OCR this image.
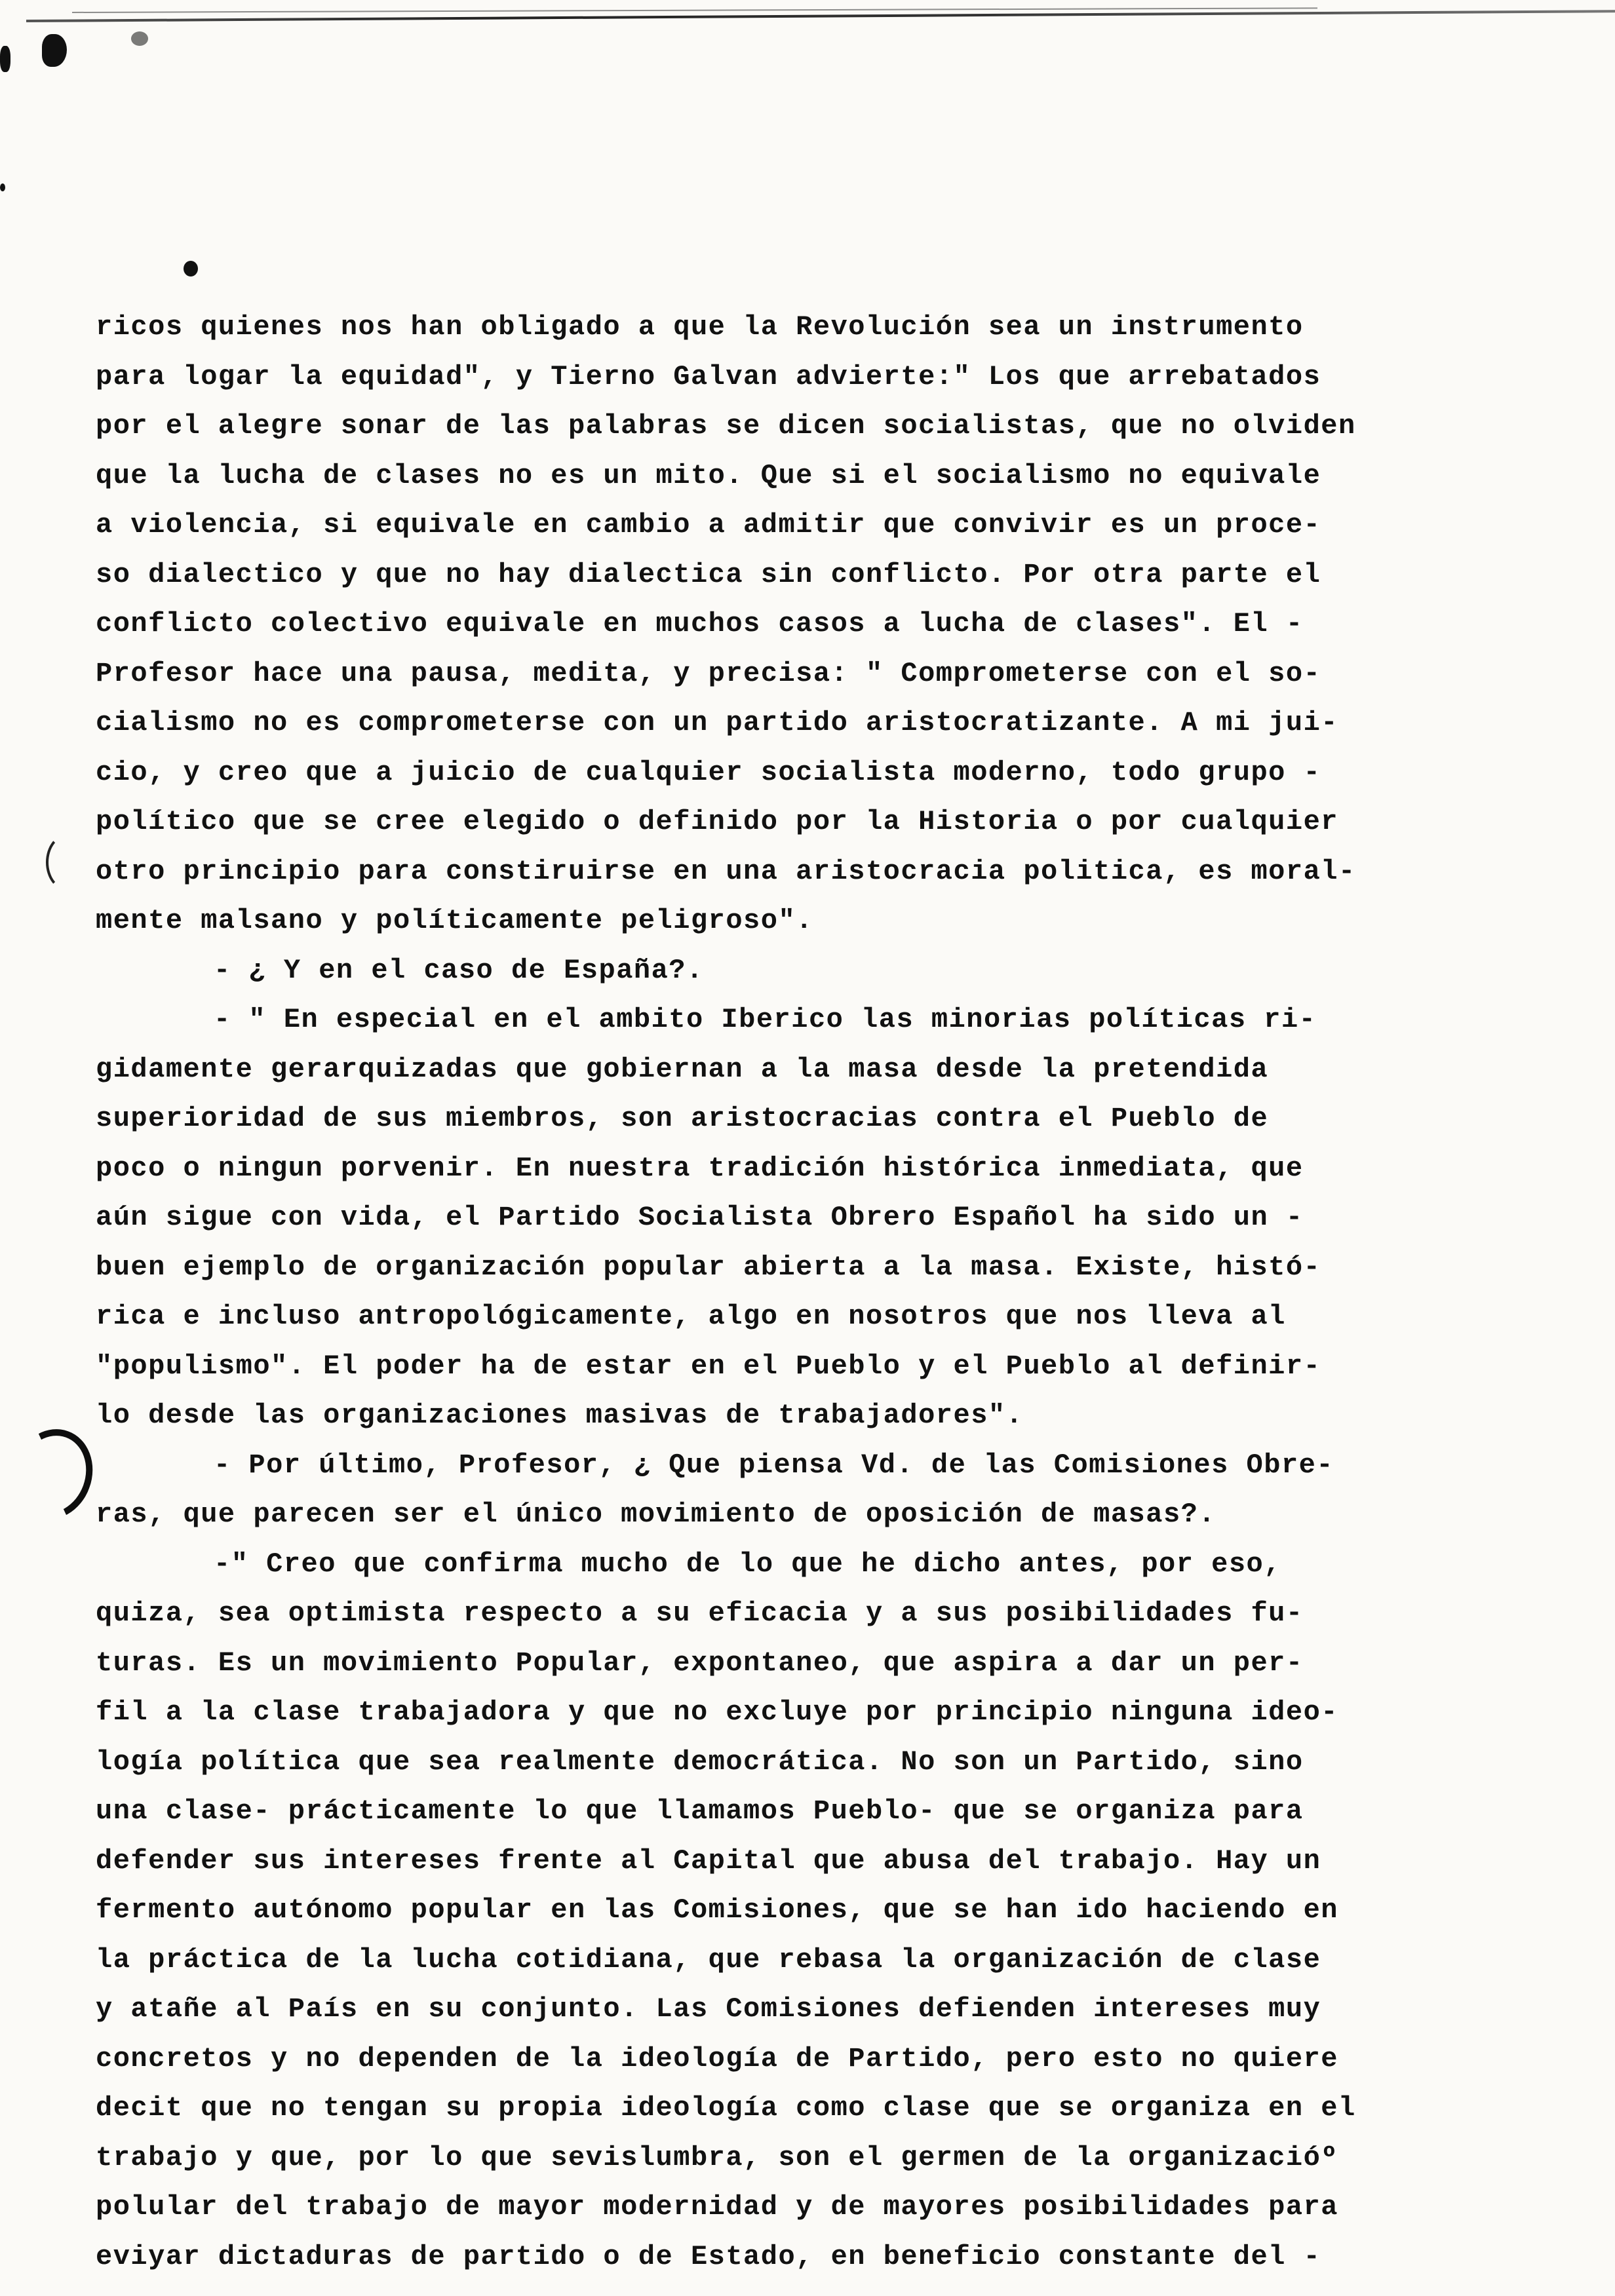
ricos quienes nos han obligado a que la Revolución sea un instrumento
para logar la equidad", y Tierno Galvan advierte:" Los que arrebatados
por el alegre sonar de las palabras se dicen socialistas, que no olviden
que la lucha de clases no es un mito. Que si el socialismo no equivale
a violencia, si equivale en cambio a admitir que convivir es un proce-
so dialectico y que no hay dialectica sin conflicto. Por otra parte el
conflicto colectivo equivale en muchos casos a lucha de clases". El -
Profesor hace una pausa, medita, y precisa: " Comprometerse con el so-
cialismo no es comprometerse con un partido aristocratizante. A mi jui-
cio, y creo que a juicio de cualquier socialista moderno, todo grupo -
político que se cree elegido o definido por la Historia o por cualquier
otro principio para constiruirse en una aristocracia politica, es moral-
mente malsano y políticamente peligroso".
- ¿ Y en el caso de España?.
- " En especial en el ambito Iberico las minorias políticas ri-
gidamente gerarquizadas que gobiernan a la masa desde la pretendida
superioridad de sus miembros, son aristocracias contra el Pueblo de
poco o ningun porvenir. En nuestra tradición histórica inmediata, que
aún sigue con vida, el Partido Socialista Obrero Español ha sido un -
buen ejemplo de organización popular abierta a la masa. Existe, histó-
rica e incluso antropológicamente, algo en nosotros que nos lleva al
"populismo". El poder ha de estar en el Pueblo y el Pueblo al definir-
lo desde las organizaciones masivas de trabajadores".
- Por último, Profesor, ¿ Que piensa Vd. de las Comisiones Obre-
ras, que parecen ser el único movimiento de oposición de masas?.
-" Creo que confirma mucho de lo que he dicho antes, por eso,
quiza, sea optimista respecto a su eficacia y a sus posibilidades fu-
turas. Es un movimiento Popular, expontaneo, que aspira a dar un per-
fil a la clase trabajadora y que no excluye por principio ninguna ideo-
logía política que sea realmente democrática. No son un Partido, sino
una clase- prácticamente lo que llamamos Pueblo- que se organiza para
defender sus intereses frente al Capital que abusa del trabajo. Hay un
fermento autónomo popular en las Comisiones, que se han ido haciendo en
la práctica de la lucha cotidiana, que rebasa la organización de clase
y atañe al País en su conjunto. Las Comisiones defienden intereses muy
concretos y no dependen de la ideología de Partido, pero esto no quiere
decit que no tengan su propia ideología como clase que se organiza en el
trabajo y que, por lo que sevislumbra, son el germen de la organizacióº
polular del trabajo de mayor modernidad y de mayores posibilidades para
eviyar dictaduras de partido o de Estado, en beneficio constante del -
